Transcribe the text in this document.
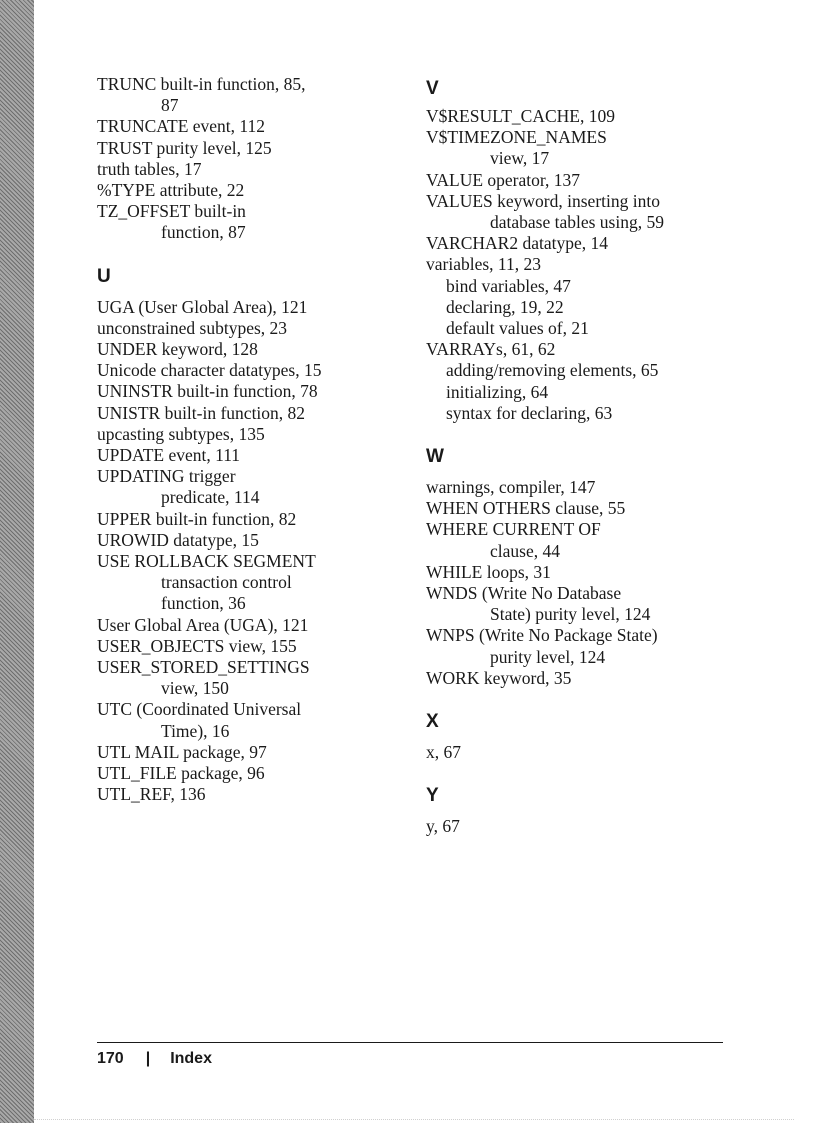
TRUNC built-in function, 85,
87
TRUNCATE event, 112
TRUST purity level, 125
truth tables, 17
%TYPE attribute, 22
TZ_OFFSET built-in
function, 87
U
UGA (User Global Area), 121
unconstrained subtypes, 23
UNDER keyword, 128
Unicode character datatypes, 15
UNINSTR built-in function, 78
UNISTR built-in function, 82
upcasting subtypes, 135
UPDATE event, 111
UPDATING trigger
predicate, 114
UPPER built-in function, 82
UROWID datatype, 15
USE ROLLBACK SEGMENT
transaction control
function, 36
User Global Area (UGA), 121
USER_OBJECTS view, 155
USER_STORED_SETTINGS
view, 150
UTC (Coordinated Universal
Time), 16
UTL MAIL package, 97
UTL_FILE package, 96
UTL_REF, 136
V
V$RESULT_CACHE, 109
V$TIMEZONE_NAMES
view, 17
VALUE operator, 137
VALUES keyword, inserting into
database tables using, 59
VARCHAR2 datatype, 14
variables, 11, 23
bind variables, 47
declaring, 19, 22
default values of, 21
VARRAYs, 61, 62
adding/removing elements, 65
initializing, 64
syntax for declaring, 63
W
warnings, compiler, 147
WHEN OTHERS clause, 55
WHERE CURRENT OF
clause, 44
WHILE loops, 31
WNDS (Write No Database
State) purity level, 124
WNPS (Write No Package State)
purity level, 124
WORK keyword, 35
X
x, 67
Y
y, 67
170 | Index
